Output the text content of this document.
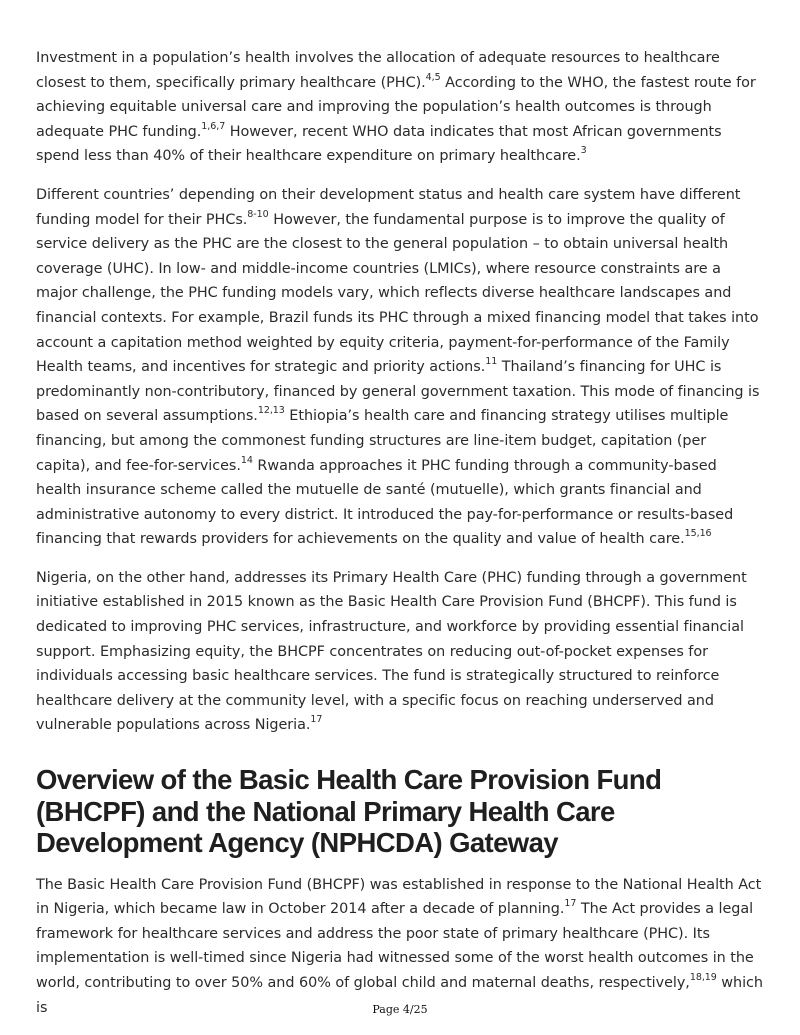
Investment in a population’s health involves the allocation of adequate resources to healthcare closest to them, specifically primary healthcare (PHC).$^{4,5}$ According to the WHO, the fastest route for achieving equitable universal care and improving the population’s health outcomes is through adequate PHC funding.$^{1,6,7}$ However, recent WHO data indicates that most African governments spend less than 40% of their healthcare expenditure on primary healthcare.$^3$

Different countries’ depending on their development status and health care system have different funding model for their PHCs.$^{8-10}$ However, the fundamental purpose is to improve the quality of service delivery as the PHC are the closest to the general population – to obtain universal health coverage (UHC). In low- and middle-income countries (LMICs), where resource constraints are a major challenge, the PHC funding models vary, which reflects diverse healthcare landscapes and financial contexts. For example, Brazil funds its PHC through a mixed financing model that takes into account a capitation method weighted by equity criteria, payment-for-performance of the Family Health teams, and incentives for strategic and priority actions.$^{11}$ Thailand’s financing for UHC is predominantly non-contributory, financed by general government taxation. This mode of financing is based on several assumptions.$^{12,13}$ Ethiopia’s health care and financing strategy utilises multiple financing, but among the commonest funding structures are line-item budget, capitation (per capita), and fee-for-services.$^{14}$ Rwanda approaches it PHC funding through a community-based health insurance scheme called the mutuelle de santé (mutuelle), which grants financial and administrative autonomy to every district. It introduced the pay-for-performance or results-based financing that rewards providers for achievements on the quality and value of health care.$^{15,16}$

Nigeria, on the other hand, addresses its Primary Health Care (PHC) funding through a government initiative established in 2015 known as the Basic Health Care Provision Fund (BHCPF). This fund is dedicated to improving PHC services, infrastructure, and workforce by providing essential financial support. Emphasizing equity, the BHCPF concentrates on reducing out-of-pocket expenses for individuals accessing basic healthcare services. The fund is strategically structured to reinforce healthcare delivery at the community level, with a specific focus on reaching underserved and vulnerable populations across Nigeria.$^{17}$

Overview of the Basic Health Care Provision Fund (BHCPF) and the National Primary Health Care Development Agency (NPHCDA) Gateway

The Basic Health Care Provision Fund (BHCPF) was established in response to the National Health Act in Nigeria, which became law in October 2014 after a decade of planning.$^{17}$ The Act provides a legal framework for healthcare services and address the poor state of primary healthcare (PHC). Its implementation is well-timed since Nigeria had witnessed some of the worst health outcomes in the world, contributing to over 50% and 60% of global child and maternal deaths, respectively,$^{18,19}$ which is	Page 4/25
